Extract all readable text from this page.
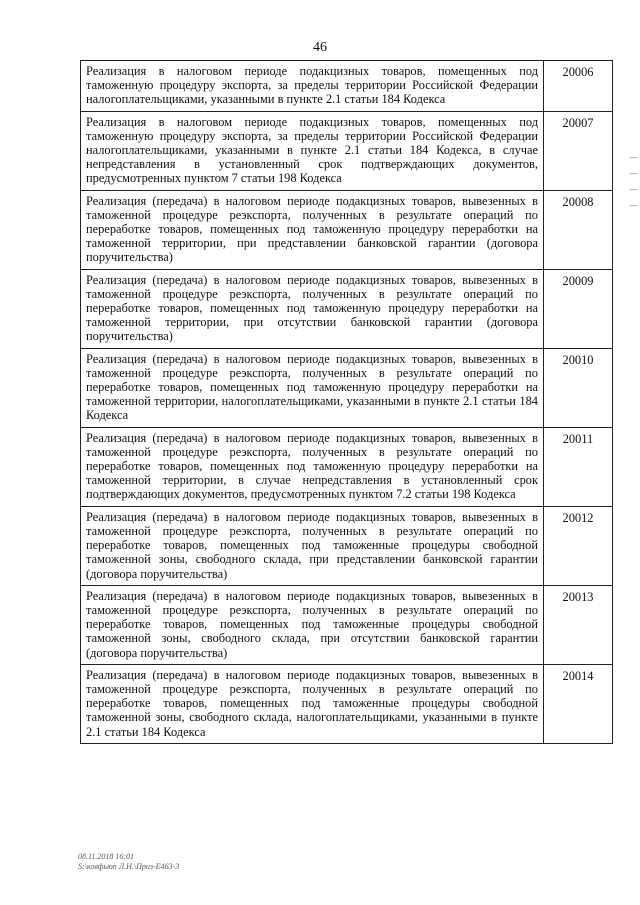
46
Реализация в налоговом периоде подакцизных товаров, помещенных под таможенную процедуру экспорта, за пределы территории Российской Федерации налогоплательщиками, указанными в пункте 2.1 статьи 184 Кодекса	20006
Реализация в налоговом периоде подакцизных товаров, помещенных под таможенную процедуру экспорта, за пределы территории Российской Федерации налогоплательщиками, указанными в пункте 2.1 статьи 184 Кодекса, в случае непредставления в установленный срок подтверждающих документов, предусмотренных пунктом 7 статьи 198 Кодекса	20007
Реализация (передача) в налоговом периоде подакцизных товаров, вывезенных в таможенной процедуре реэкспорта, полученных в результате операций по переработке товаров, помещенных под таможенную процедуру переработки на таможенной территории, при представлении банковской гарантии (договора поручительства)	20008
Реализация (передача) в налоговом периоде подакцизных товаров, вывезенных в таможенной процедуре реэкспорта, полученных в результате операций по переработке товаров, помещенных под таможенную процедуру переработки на таможенной территории, при отсутствии банковской гарантии (договора поручительства)	20009
Реализация (передача) в налоговом периоде подакцизных товаров, вывезенных в таможенной процедуре реэкспорта, полученных в результате операций по переработке товаров, помещенных под таможенную процедуру переработки на таможенной территории, налогоплательщиками, указанными в пункте 2.1 статьи 184 Кодекса	20010
Реализация (передача) в налоговом периоде подакцизных товаров, вывезенных в таможенной процедуре реэкспорта, полученных в результате операций по переработке товаров, помещенных под таможенную процедуру переработки на таможенной территории, в случае непредставления в установленный срок подтверждающих документов, предусмотренных пунктом 7.2 статьи 198 Кодекса	20011
Реализация (передача) в налоговом периоде подакцизных товаров, вывезенных в таможенной процедуре реэкспорта, полученных в результате операций по переработке товаров, помещенных под таможенные процедуры свободной таможенной зоны, свободного склада, при представлении банковской гарантии (договора поручительства)	20012
Реализация (передача) в налоговом периоде подакцизных товаров, вывезенных в таможенной процедуре реэкспорта, полученных в результате операций по переработке товаров, помещенных под таможенные процедуры свободной таможенной зоны, свободного склада, при отсутствии банковской гарантии (договора поручительства)	20013
Реализация (передача) в налоговом периоде подакцизных товаров, вывезенных в таможенной процедуре реэкспорта, полученных в результате операций по переработке товаров, помещенных под таможенные процедуры свободной таможенной зоны, свободного склада, налогоплательщиками, указанными в пункте 2.1 статьи 184 Кодекса	20014
08.11.2018 16:01
S:\ковфьюп Л.Н.\Приз-Е463-3
—
—
—
—
